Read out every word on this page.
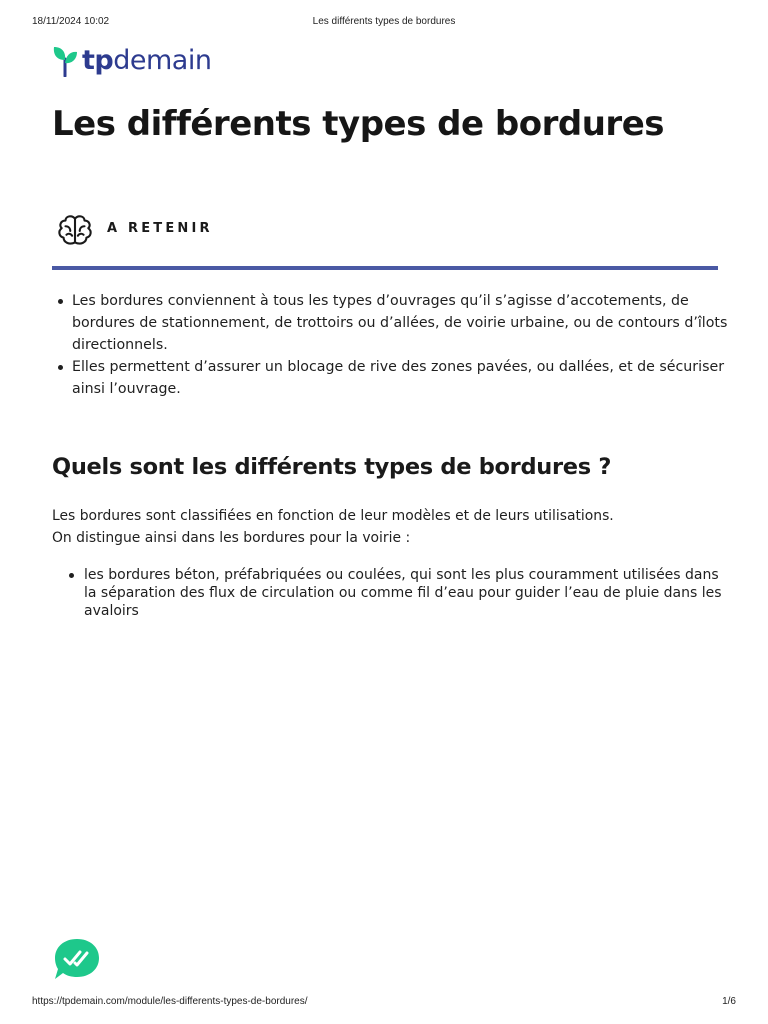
18/11/2024 10:02	Les différents types de bordures
tp demain
Les différents types de bordures
A RETENIR
Les bordures conviennent à tous les types d’ouvrages qu’il s’agisse d’accotements, de bordures de stationnement, de trottoirs ou d’allées, de voirie urbaine, ou de contours d’îlots directionnels.
Elles permettent d’assurer un blocage de rive des zones pavées, ou dallées, et de sécuriser ainsi l’ouvrage.
Quels sont les différents types de bordures ?

Les bordures sont classifiées en fonction de leur modèles et de leurs utilisations.
On distingue ainsi dans les bordures pour la voirie :

les bordures béton, préfabriquées ou coulées, qui sont les plus couramment utilisées dans la séparation des flux de circulation ou comme fil d’eau pour guider l’eau de pluie dans les avaloirs
https://tpdemain.com/module/les-differents-types-de-bordures/	1/6
